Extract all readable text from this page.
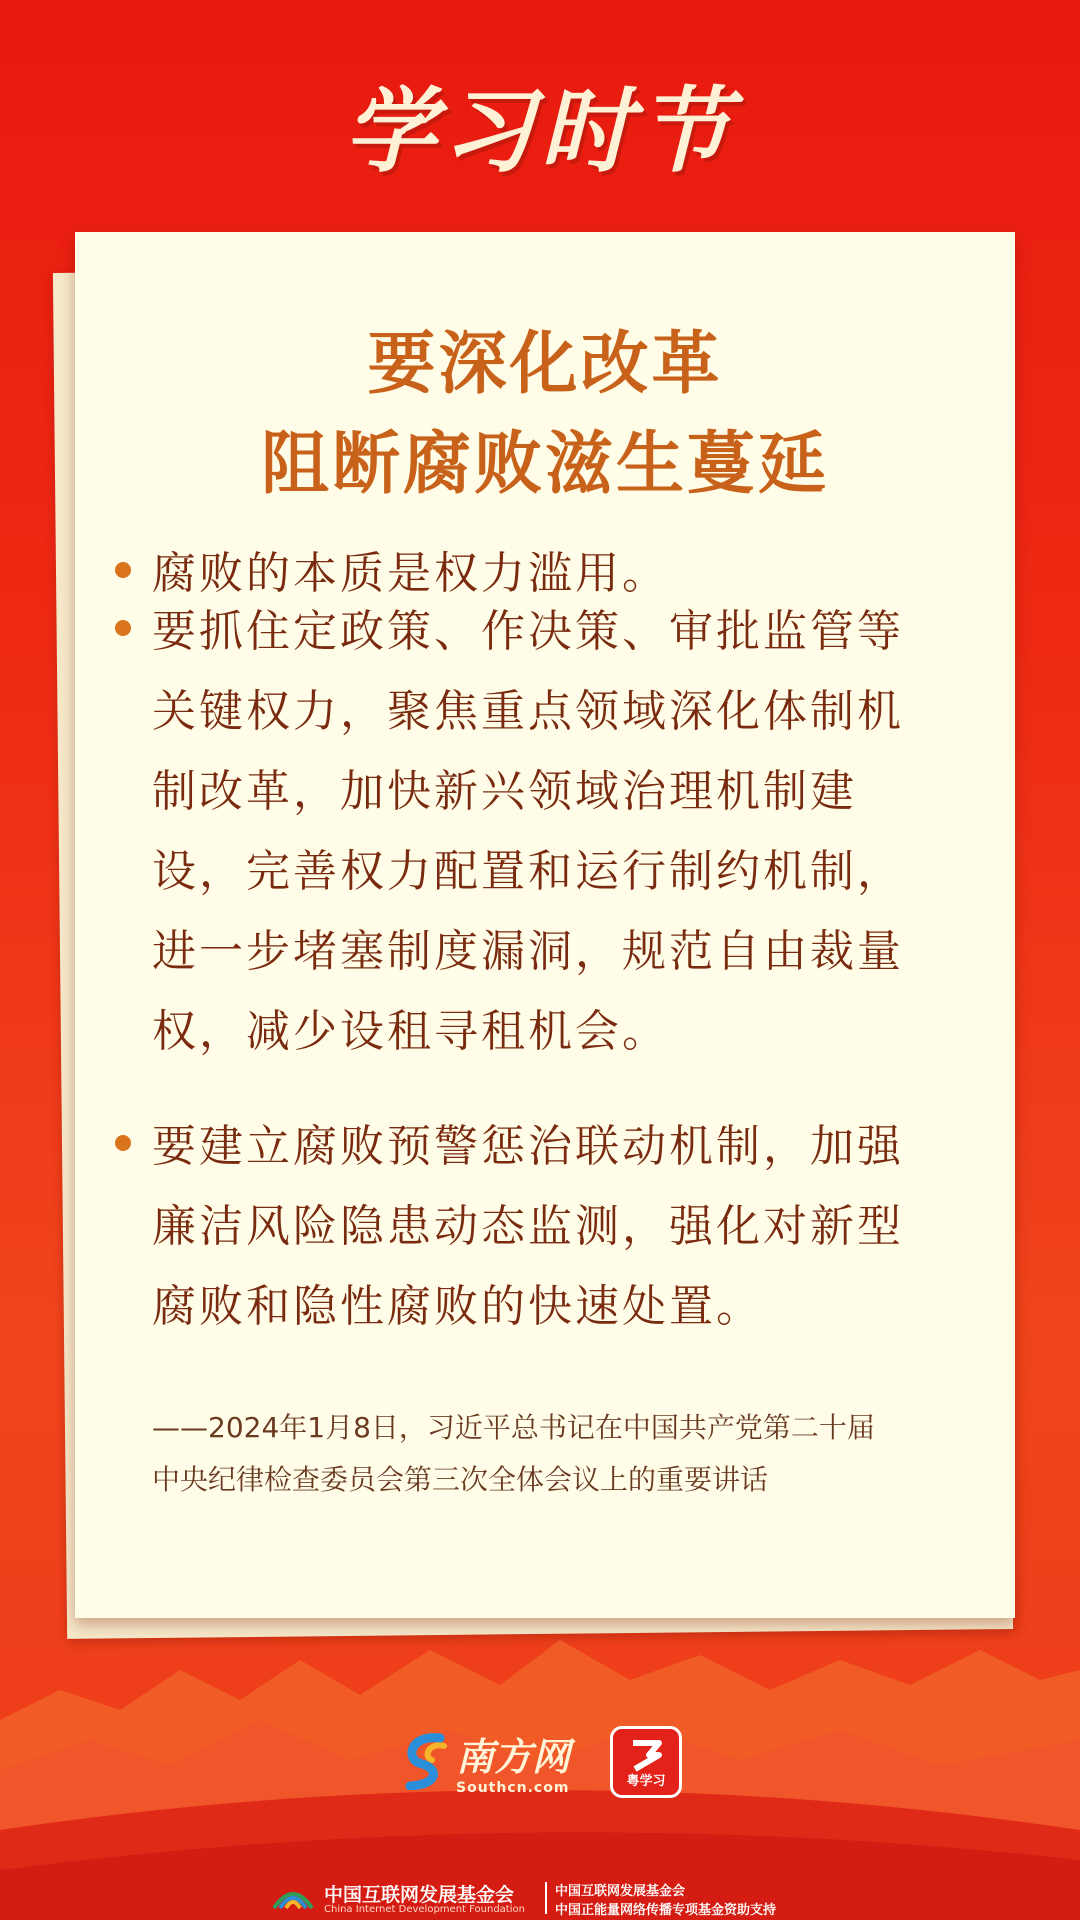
学习时节
要深化改革
阻断腐败滋生蔓延
腐败的本质是权力滥用。
要抓住定政策、作决策、审批监管等
关键权力，聚焦重点领域深化体制机
制改革，加快新兴领域治理机制建
设，完善权力配置和运行制约机制，
进一步堵塞制度漏洞，规范自由裁量
权，减少设租寻租机会。
要建立腐败预警惩治联动机制，加强
廉洁风险隐患动态监测，强化对新型
腐败和隐性腐败的快速处置。
——2024年1月8日，习近平总书记在中国共产党第二十届
中央纪律检查委员会第三次全体会议上的重要讲话
南方网
Southcn.com	粤学习
中国互联网发展基金会
China Internet Development Foundation
中国互联网发展基金会
中国正能量网络传播专项基金资助支持
